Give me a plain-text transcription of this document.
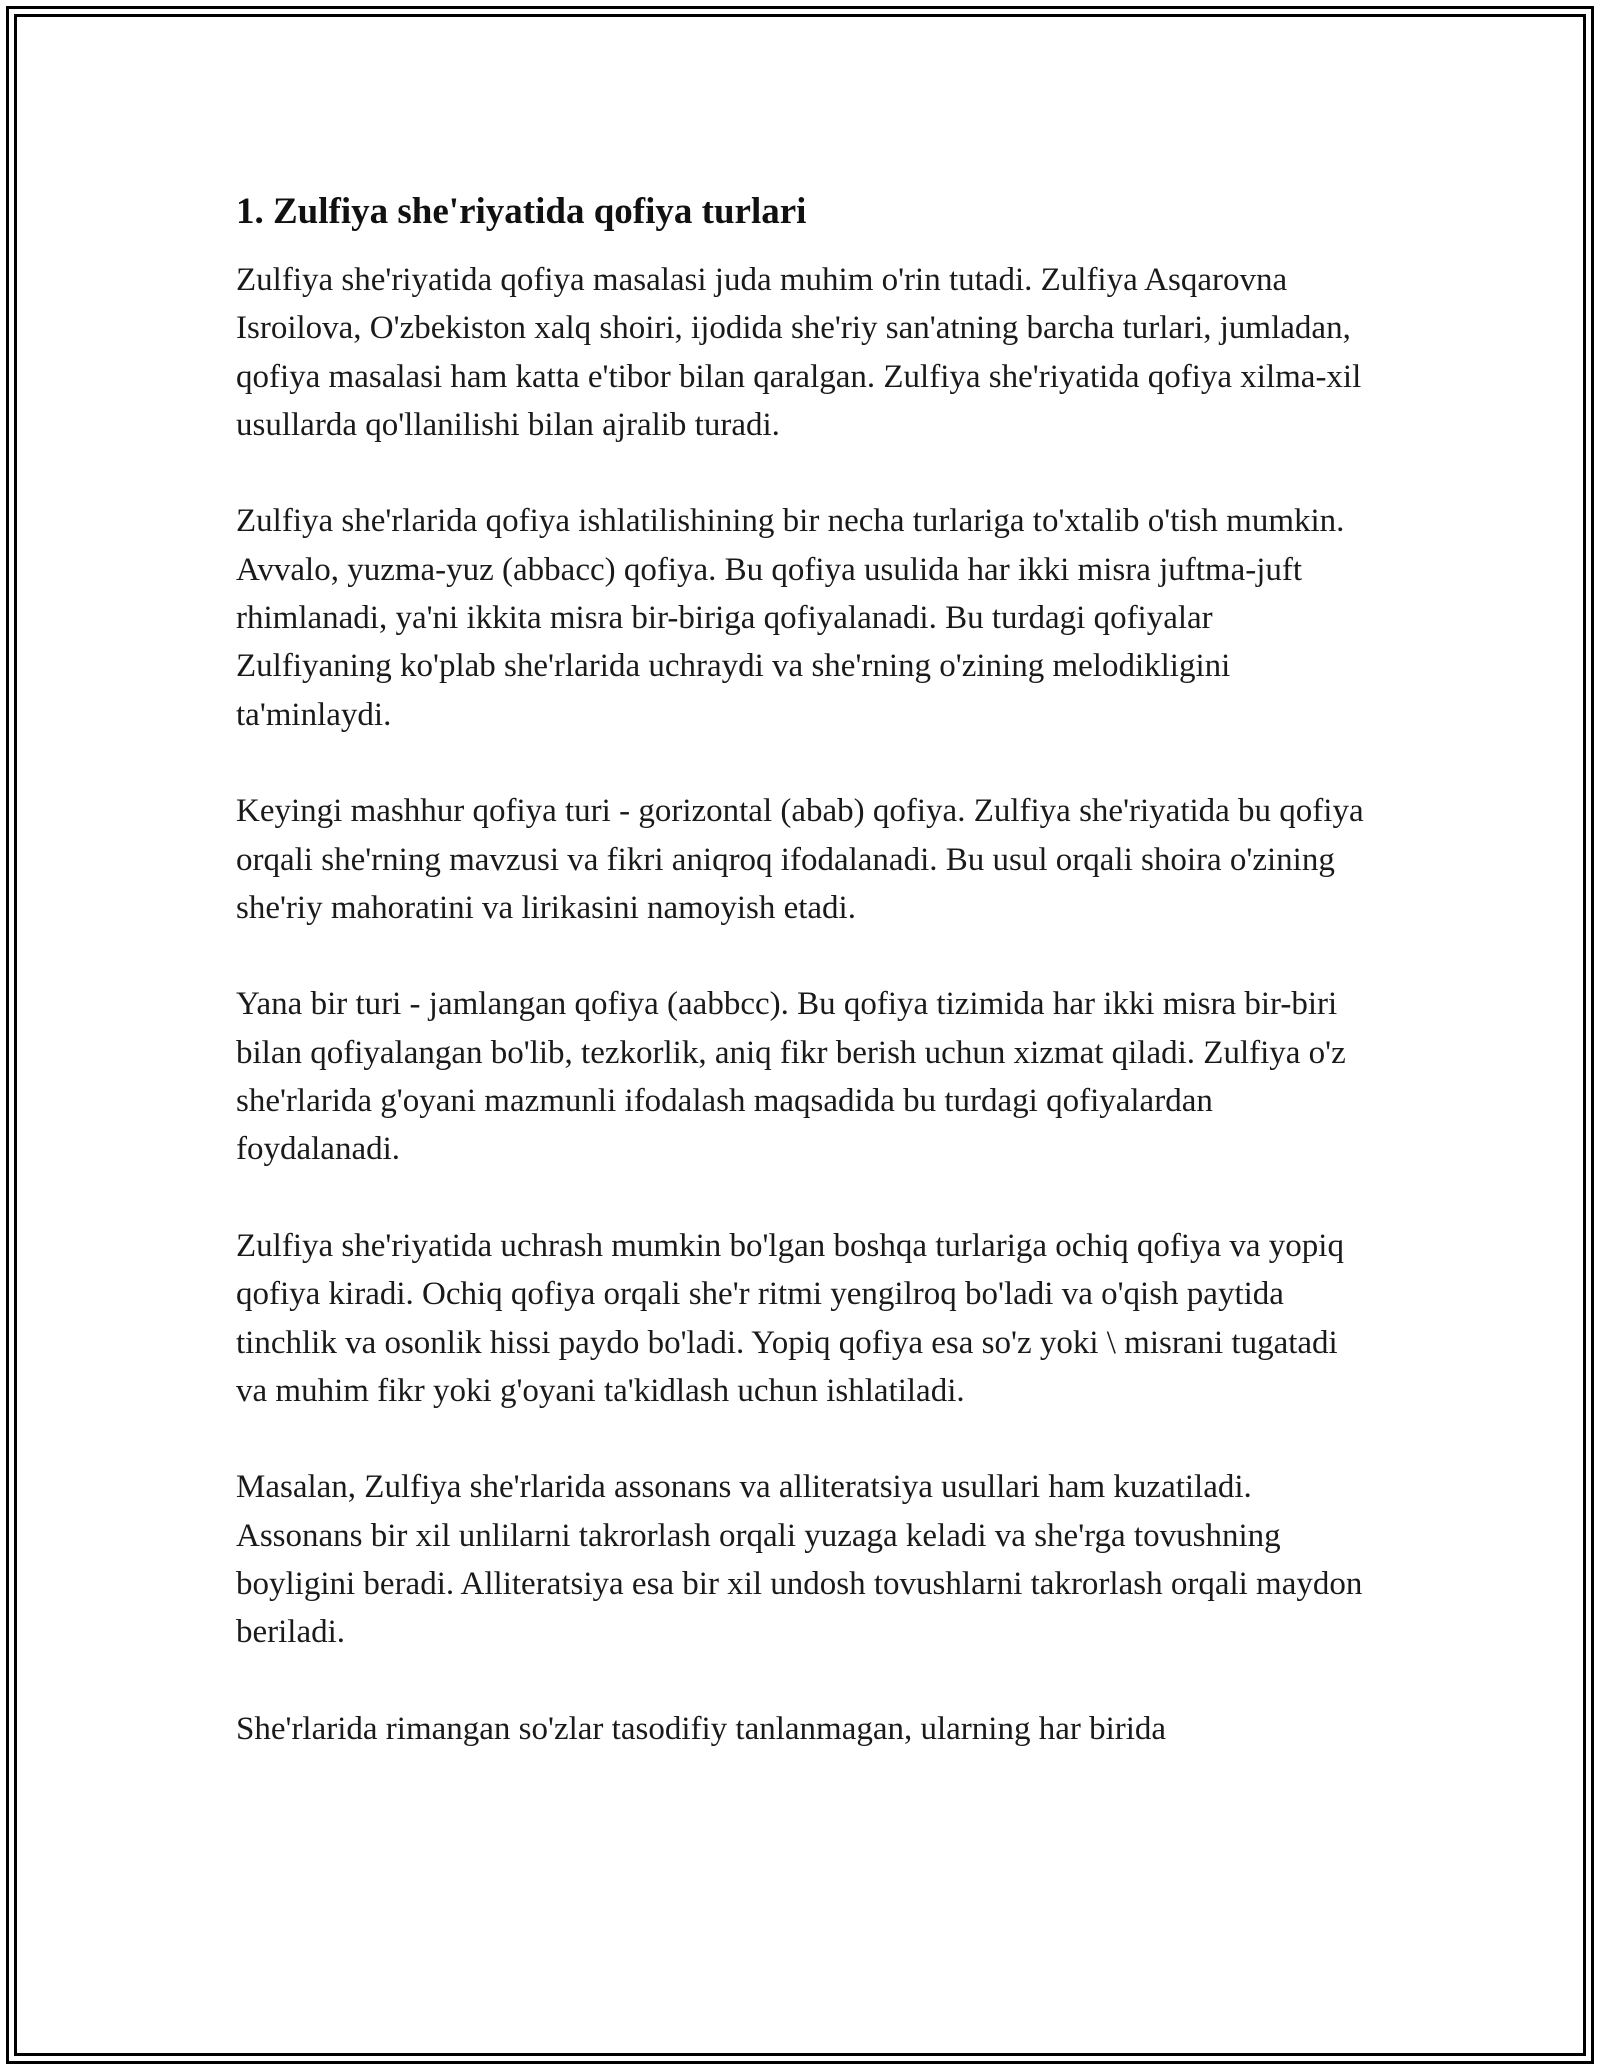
1. Zulfiya she'riyatida qofiya turlari

Zulfiya she'riyatida qofiya masalasi juda muhim o'rin tutadi. Zulfiya Asqarovna Isroilova, O'zbekiston xalq shoiri, ijodida she'riy san'atning barcha turlari, jumladan, qofiya masalasi ham katta e'tibor bilan qaralgan. Zulfiya she'riyatida qofiya xilma-xil usullarda qo'llanilishi bilan ajralib turadi.

Zulfiya she'rlarida qofiya ishlatilishining bir necha turlariga to'xtalib o'tish mumkin. Avvalo, yuzma-yuz (abbacc) qofiya. Bu qofiya usulida har ikki misra juftma-juft rhimlanadi, ya'ni ikkita misra bir-biriga qofiyalanadi. Bu turdagi qofiyalar Zulfiyaning ko'plab she'rlarida uchraydi va she'rning o'zining melodikligini ta'minlaydi.

Keyingi mashhur qofiya turi - gorizontal (abab) qofiya. Zulfiya she'riyatida bu qofiya orqali she'rning mavzusi va fikri aniqroq ifodalanadi. Bu usul orqali shoira o'zining she'riy mahoratini va lirikasini namoyish etadi.

Yana bir turi - jamlangan qofiya (aabbcc). Bu qofiya tizimida har ikki misra bir-biri bilan qofiyalangan bo'lib, tezkorlik, aniq fikr berish uchun xizmat qiladi. Zulfiya o'z she'rlarida g'oyani mazmunli ifodalash maqsadida bu turdagi qofiyalardan foydalanadi.

Zulfiya she'riyatida uchrash mumkin bo'lgan boshqa turlariga ochiq qofiya va yopiq qofiya kiradi. Ochiq qofiya orqali she'r ritmi yengilroq bo'ladi va o'qish paytida tinchlik va osonlik hissi paydo bo'ladi. Yopiq qofiya esa so'z yoki \ misrani tugatadi va muhim fikr yoki g'oyani ta'kidlash uchun ishlatiladi.

Masalan, Zulfiya she'rlarida assonans va alliteratsiya usullari ham kuzatiladi. Assonans bir xil unlilarni takrorlash orqali yuzaga keladi va she'rga tovushning boyligini beradi. Alliteratsiya esa bir xil undosh tovushlarni takrorlash orqali maydon beriladi.

She'rlarida rimangan so'zlar tasodifiy tanlanmagan, ularning har birida
